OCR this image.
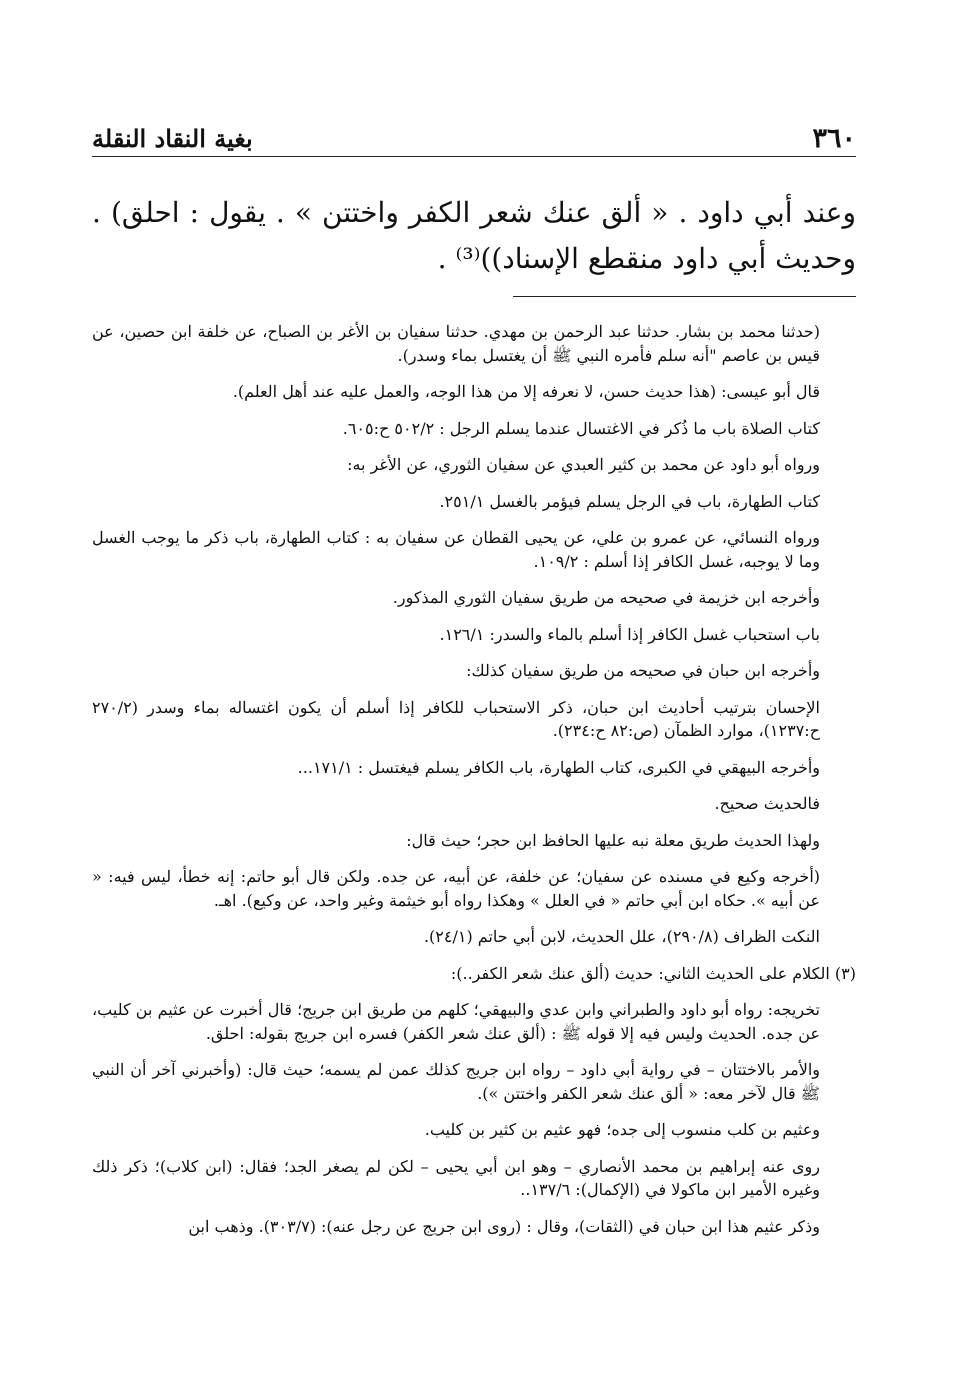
٣٦٠
بغية النقاد النقلة

وعند أبي داود . « ألق عنك شعر الكفر واختتن » . يقول : احلق) . وحديث أبي داود منقطع الإسناد))⁽³⁾ .

(حدثنا محمد بن بشار. حدثنا عبد الرحمن بن مهدي. حدثنا سفيان بن الأغر بن الصباح، عن خلفة ابن حصين، عن قيس بن عاصم "أنه سلم فأمره النبي ﷺ أن يغتسل بماء وسدر).

قال أبو عيسى: (هذا حديث حسن، لا نعرفه إلا من هذا الوجه، والعمل عليه عند أهل العلم).

كتاب الصلاة باب ما ذُكر في الاغتسال عندما يسلم الرجل : ٥٠٢/٢ ح:٦٠٥.

ورواه أبو داود عن محمد بن كثير العبدي عن سفيان الثوري، عن الأغر به:

كتاب الطهارة، باب في الرجل يسلم فيؤمر بالغسل ٢٥١/١.

ورواه النسائي، عن عمرو بن علي، عن يحيى القطان عن سفيان به : كتاب الطهارة، باب ذكر ما يوجب الغسل وما لا يوجبه، غسل الكافر إذا أسلم : ١٠٩/٢.

وأخرجه ابن خزيمة في صحيحه من طريق سفيان الثوري المذكور.

باب استحباب غسل الكافر إذا أسلم بالماء والسدر: ١٢٦/١.

وأخرجه ابن حبان في صحيحه من طريق سفيان كذلك:

الإحسان بترتيب أحاديث ابن حبان، ذكر الاستحباب للكافر إذا أسلم أن يكون اغتساله بماء وسدر (٢٧٠/٢ ح:١٢٣٧)، موارد الظمآن (ص:٨٢ ح:٢٣٤).

وأخرجه البيهقي في الكبرى، كتاب الطهارة، باب الكافر يسلم فيغتسل : ١٧١/١...

فالحديث صحيح.

ولهذا الحديث طريق معلة نبه عليها الحافظ ابن حجر؛ حيث قال:

(أخرجه وكيع في مسنده عن سفيان؛ عن خلفة، عن أبيه، عن جده. ولكن قال أبو حاتم: إنه خطأ، ليس فيه: « عن أبيه ». حكاه ابن أبي حاتم « في العلل » وهكذا رواه أبو خيثمة وغير واحد، عن وكيع). اهـ.

النكت الظراف (٢٩٠/٨)، علل الحديث، لابن أبي حاتم (٢٤/١).

(٣) الكلام على الحديث الثاني: حديث (ألق عنك شعر الكفر..):

تخريجه: رواه أبو داود والطبراني وابن عدي والبيهقي؛ كلهم من طريق ابن جريج؛ قال أخبرت عن عثيم بن كليب، عن جده. الحديث وليس فيه إلا قوله ﷺ : (ألق عنك شعر الكفر) فسره ابن جريج بقوله: احلق.

والأمر بالاختتان – في رواية أبي داود – رواه ابن جريج كذلك عمن لم يسمه؛ حيث قال: (وأخبرني آخر أن النبي ﷺ قال لآخر معه: « ألق عنك شعر الكفر واختتن »).

وعثيم بن كلب منسوب إلى جده؛ فهو عثيم بن كثير بن كليب.

روى عنه إبراهيم بن محمد الأنصاري – وهو ابن أبي يحيى – لكن لم يصغر الجد؛ فقال: (ابن كلاب)؛ ذكر ذلك وغيره الأمير ابن ماكولا في (الإكمال): ١٣٧/٦..

وذكر عثيم هذا ابن حبان في (الثقات)، وقال : (روى ابن جريج عن رجل عنه): (٣٠٣/٧). وذهب ابن
